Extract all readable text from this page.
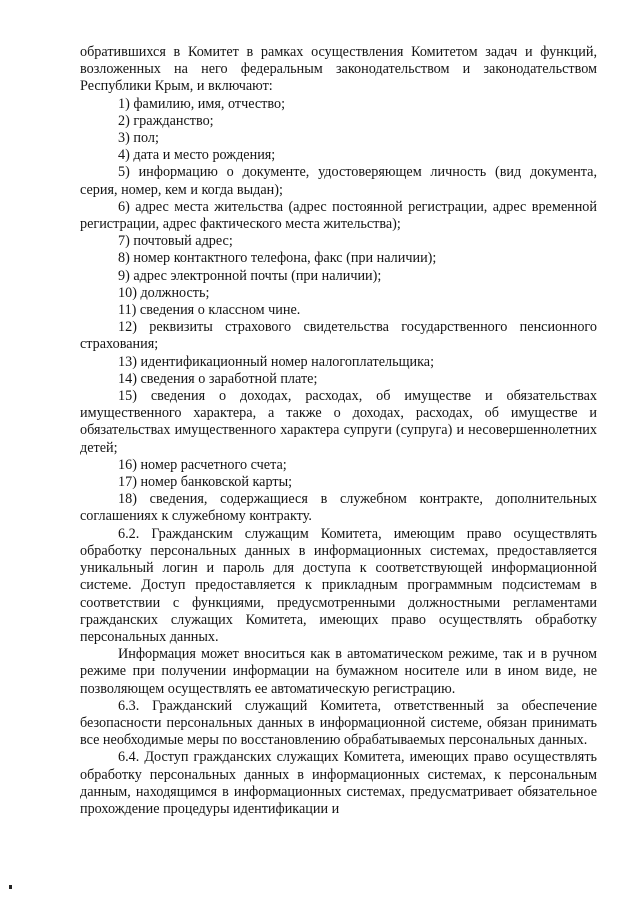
обратившихся в Комитет в рамках осуществления Комитетом задач и функций, возложенных на него федеральным законодательством и законодательством Республики Крым, и включают:

1) фамилию, имя, отчество;

2) гражданство;

3) пол;

4) дата и место рождения;

5) информацию о документе, удостоверяющем личность (вид документа, серия, номер, кем и когда выдан);

6) адрес места жительства (адрес постоянной регистрации, адрес временной регистрации, адрес фактического места жительства);

7) почтовый адрес;

8) номер контактного телефона, факс (при наличии);

9) адрес электронной почты (при наличии);

10) должность;

11) сведения о классном чине.

12) реквизиты страхового свидетельства государственного пенсионного страхования;

13) идентификационный номер налогоплательщика;

14) сведения о заработной плате;

15) сведения о доходах, расходах, об имуществе и обязательствах имущественного характера, а также о доходах, расходах, об имуществе и обязательствах имущественного характера супруги (супруга) и несовершеннолетних детей;

16) номер расчетного счета;

17) номер банковской карты;

18) сведения, содержащиеся в служебном контракте, дополнительных соглашениях к служебному контракту.

6.2. Гражданским служащим Комитета, имеющим право осуществлять обработку персональных данных в информационных системах, предоставляется уникальный логин и пароль для доступа к соответствующей информационной системе. Доступ предоставляется к прикладным программным подсистемам в соответствии с функциями, предусмотренными должностными регламентами гражданских служащих Комитета, имеющих право осуществлять обработку персональных данных.

Информация может вноситься как в автоматическом режиме, так и в ручном режиме при получении информации на бумажном носителе или в ином виде, не позволяющем осуществлять ее автоматическую регистрацию.

6.3. Гражданский служащий Комитета, ответственный за обеспечение безопасности персональных данных в информационной системе, обязан принимать все необходимые меры по восстановлению обрабатываемых персональных данных.

6.4. Доступ гражданских служащих Комитета, имеющих право осуществлять обработку персональных данных в информационных системах, к персональным данным, находящимся в информационных системах, предусматривает обязательное прохождение процедуры идентификации и
